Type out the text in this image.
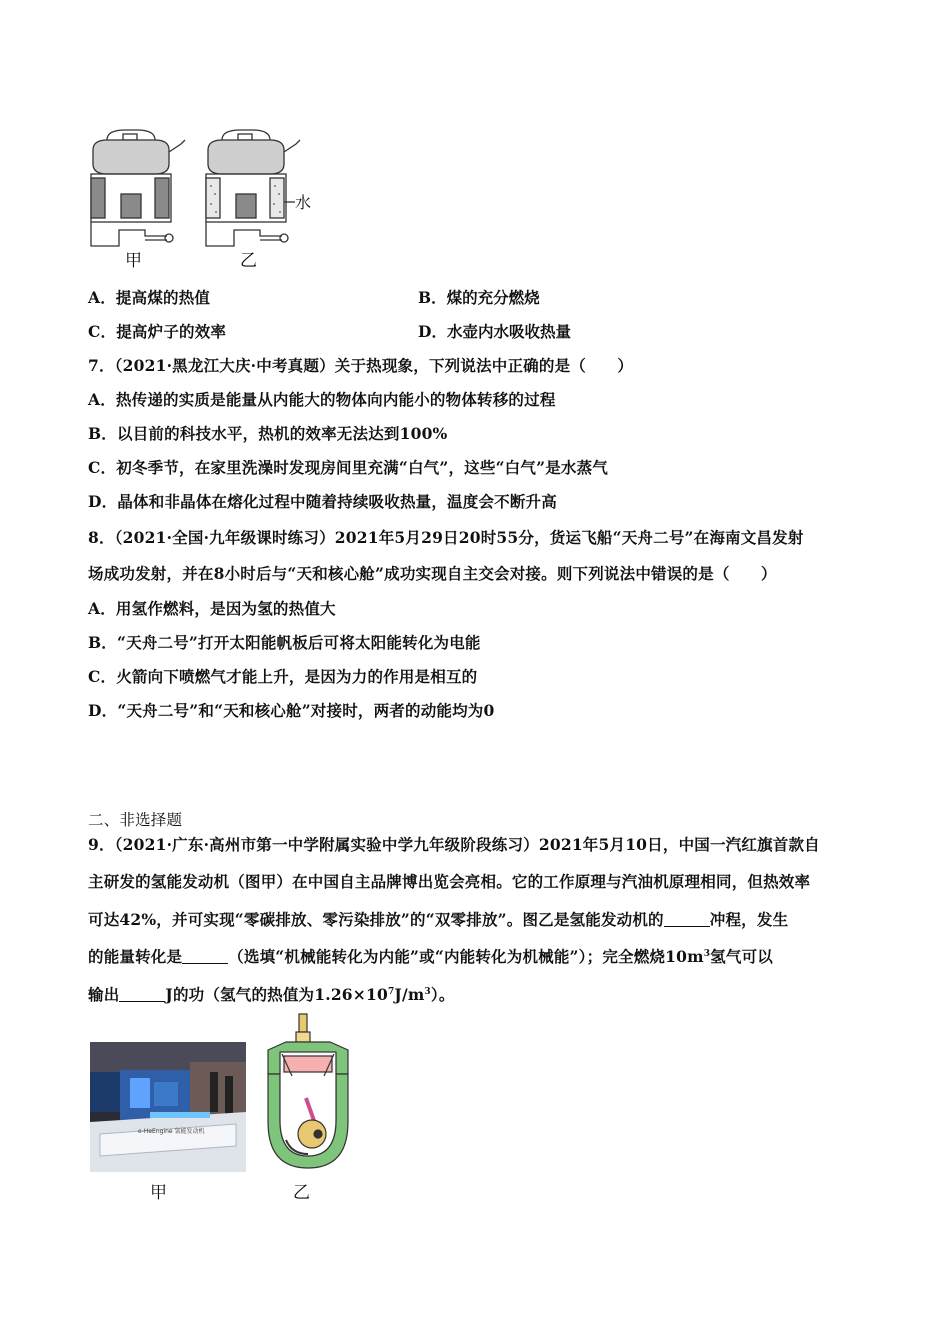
甲	乙
水
A．提高煤的热值	B．煤的充分燃烧
C．提高炉子的效率	D．水壶内水吸收热量
7．（2021·黑龙江大庆·中考真题）关于热现象，下列说法中正确的是（　　）
A．热传递的实质是能量从内能大的物体向内能小的物体转移的过程
B．以目前的科技水平，热机的效率无法达到100%
C．初冬季节，在家里洗澡时发现房间里充满“白气”，这些“白气”是水蒸气
D．晶体和非晶体在熔化过程中随着持续吸收热量，温度会不断升高
8．（2021·全国·九年级课时练习）2021年5月29日20时55分，货运飞船“天舟二号”在海南文昌发射
场成功发射，并在8小时后与“天和核心舱”成功实现自主交会对接。则下列说法中错误的是（　　）
A．用氢作燃料，是因为氢的热值大
B．“天舟二号”打开太阳能帆板后可将太阳能转化为电能
C．火箭向下喷燃气才能上升，是因为力的作用是相互的
D．“天舟二号”和“天和核心舱”对接时，两者的动能均为0
二、非选择题
9．（2021·广东·高州市第一中学附属实验中学九年级阶段练习）2021年5月10日，中国一汽红旗首款自
主研发的氢能发动机（图甲）在中国自主品牌博出览会亮相。它的工作原理与汽油机原理相同，但热效率
可达42%，并可实现“零碳排放、零污染排放”的“双零排放”。图乙是氢能发动机的	冲程，发生
的能量转化是	（选填“机械能转化为内能”或“内能转化为机械能”）；完全燃烧$10m^3$氢气可以
输出	J的功（氢气的热值为$1.26\times 10^7J/m^3$）。
e-HeEngine 氢能发动机
甲	乙
